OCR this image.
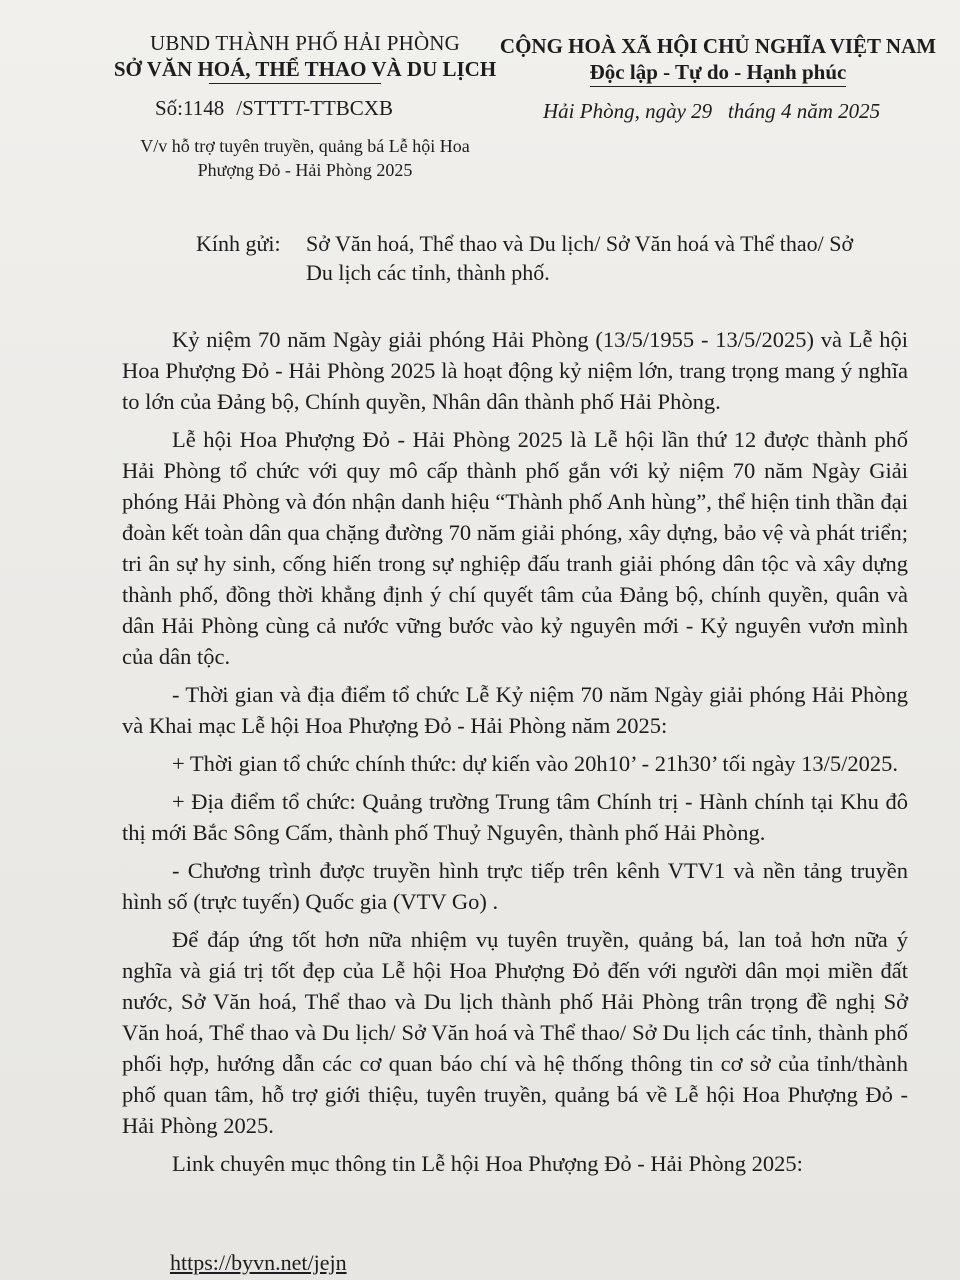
UBND THÀNH PHỐ HẢI PHÒNG
SỞ VĂN HOÁ, THỂ THAO VÀ DU LỊCH
CỘNG HOÀ XÃ HỘI CHỦ NGHĨA VIỆT NAM
Độc lập - Tự do - Hạnh phúc
Số:1148 /STTTT-TTBCXB	Hải Phòng, ngày 29   tháng 4 năm 2025
V/v hỗ trợ tuyên truyền, quảng bá Lễ hội Hoa
Phượng Đỏ - Hải Phòng 2025
Kính gửi: Sở Văn hoá, Thể thao và Du lịch/ Sở Văn hoá và Thể thao/ Sở
Du lịch các tỉnh, thành phố.

Kỷ niệm 70 năm Ngày giải phóng Hải Phòng (13/5/1955 - 13/5/2025) và Lễ hội Hoa Phượng Đỏ - Hải Phòng 2025 là hoạt động kỷ niệm lớn, trang trọng mang ý nghĩa to lớn của Đảng bộ, Chính quyền, Nhân dân thành phố Hải Phòng.

Lễ hội Hoa Phượng Đỏ - Hải Phòng 2025 là Lễ hội lần thứ 12 được thành phố Hải Phòng tổ chức với quy mô cấp thành phố gắn với kỷ niệm 70 năm Ngày Giải phóng Hải Phòng và đón nhận danh hiệu “Thành phố Anh hùng”, thể hiện tinh thần đại đoàn kết toàn dân qua chặng đường 70 năm giải phóng, xây dựng, bảo vệ và phát triển; tri ân sự hy sinh, cống hiến trong sự nghiệp đấu tranh giải phóng dân tộc và xây dựng thành phố, đồng thời khẳng định ý chí quyết tâm của Đảng bộ, chính quyền, quân và dân Hải Phòng cùng cả nước vững bước vào kỷ nguyên mới - Kỷ nguyên vươn mình của dân tộc.

- Thời gian và địa điểm tổ chức Lễ Kỷ niệm 70 năm Ngày giải phóng Hải Phòng và Khai mạc Lễ hội Hoa Phượng Đỏ - Hải Phòng năm 2025:

+ Thời gian tổ chức chính thức: dự kiến vào 20h10’ - 21h30’ tối ngày 13/5/2025.

+ Địa điểm tổ chức: Quảng trường Trung tâm Chính trị - Hành chính tại Khu đô thị mới Bắc Sông Cấm, thành phố Thuỷ Nguyên, thành phố Hải Phòng.

- Chương trình được truyền hình trực tiếp trên kênh VTV1 và nền tảng truyền hình số (trực tuyến) Quốc gia (VTV Go) .

Để đáp ứng tốt hơn nữa nhiệm vụ tuyên truyền, quảng bá, lan toả hơn nữa ý nghĩa và giá trị tốt đẹp của Lễ hội Hoa Phượng Đỏ đến với người dân mọi miền đất nước, Sở Văn hoá, Thể thao và Du lịch thành phố Hải Phòng trân trọng đề nghị Sở Văn hoá, Thể thao và Du lịch/ Sở Văn hoá và Thể thao/ Sở Du lịch các tỉnh, thành phố phối hợp, hướng dẫn các cơ quan báo chí và hệ thống thông tin cơ sở của tỉnh/thành phố quan tâm, hỗ trợ giới thiệu, tuyên truyền, quảng bá về Lễ hội Hoa Phượng Đỏ - Hải Phòng 2025.

Link chuyên mục thông tin Lễ hội Hoa Phượng Đỏ - Hải Phòng 2025:

https://byvn.net/jejn
